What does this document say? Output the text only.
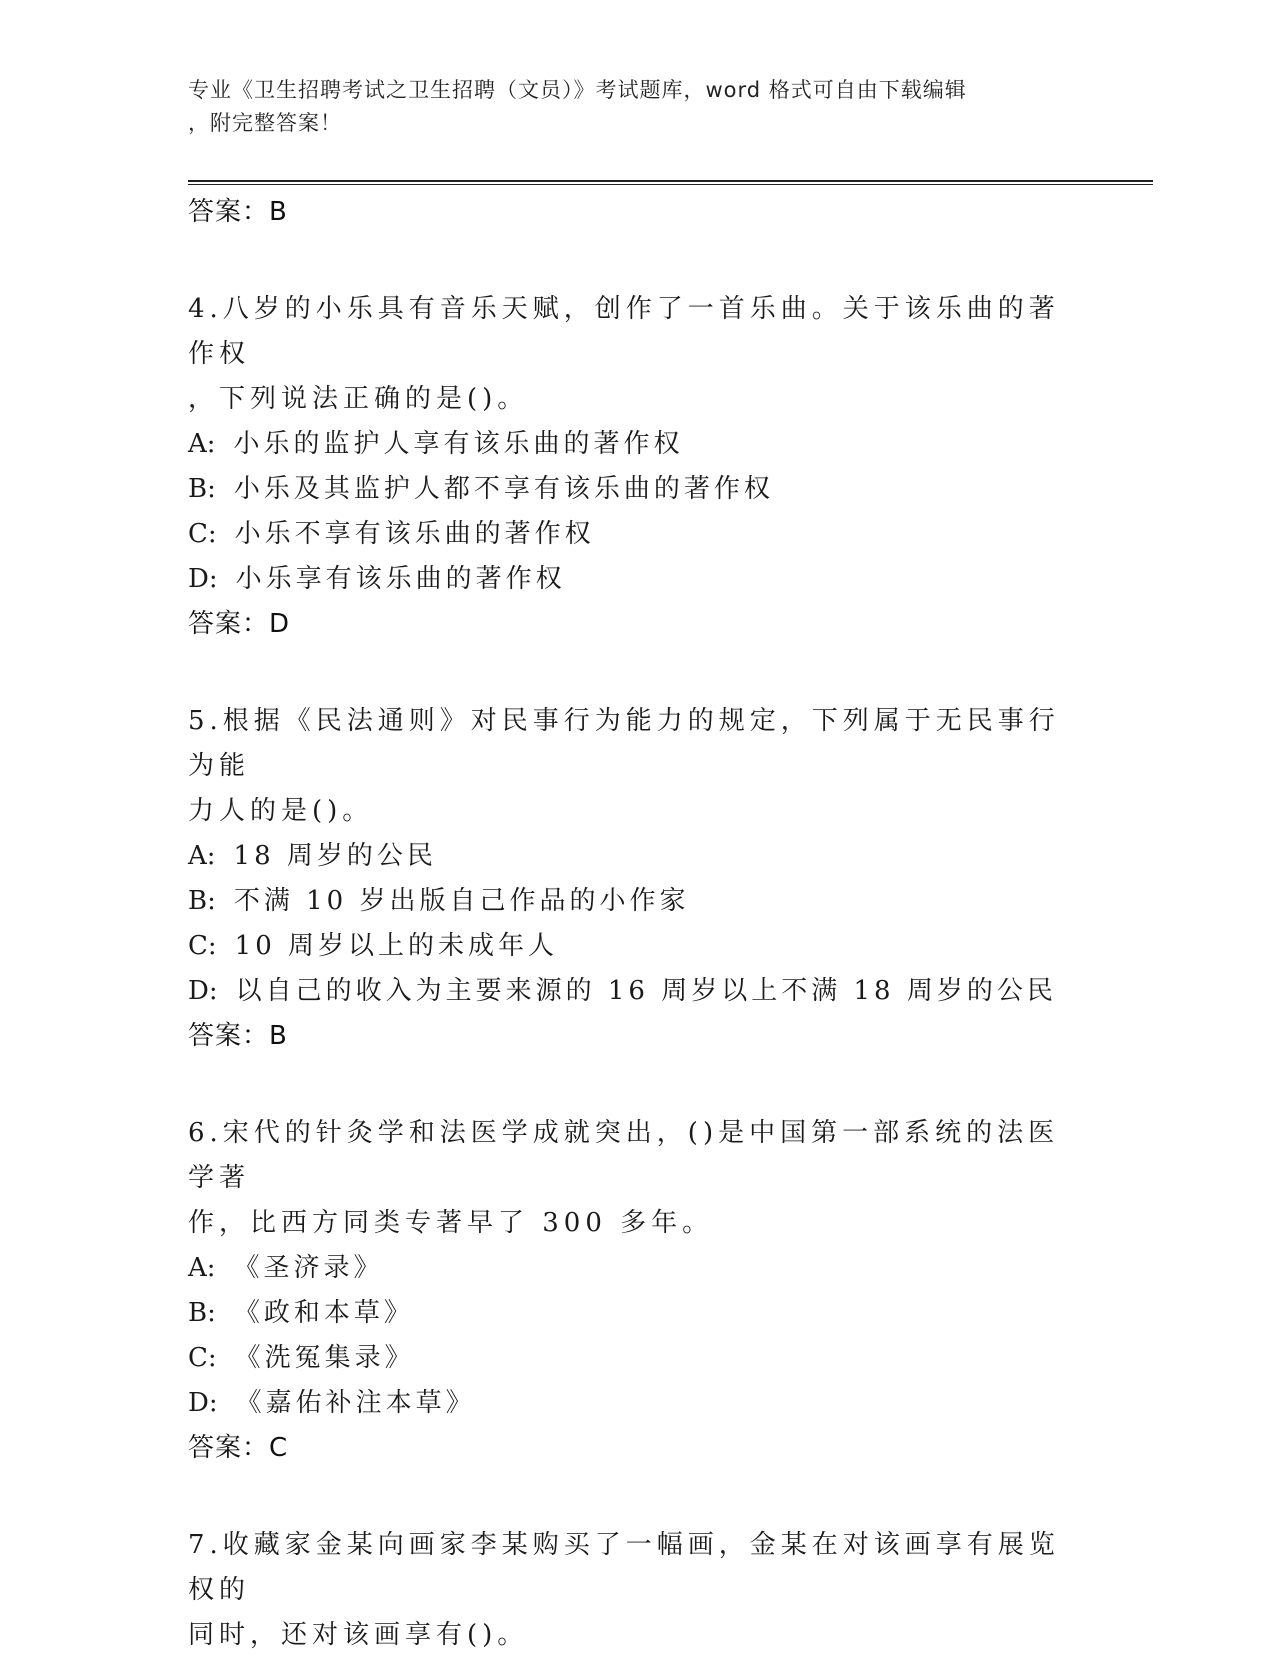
专业《卫生招聘考试之卫生招聘（文员）》考试题库，word 格式可自由下载编辑
，附完整答案！
答案：B
4.八岁的小乐具有音乐天赋，创作了一首乐曲。关于该乐曲的著作权
，下列说法正确的是()。
A: 小乐的监护人享有该乐曲的著作权
B: 小乐及其监护人都不享有该乐曲的著作权
C: 小乐不享有该乐曲的著作权
D: 小乐享有该乐曲的著作权
答案：D
5.根据《民法通则》对民事行为能力的规定，下列属于无民事行为能
力人的是()。
A: 18 周岁的公民
B: 不满 10 岁出版自己作品的小作家
C: 10 周岁以上的未成年人
D: 以自己的收入为主要来源的 16 周岁以上不满 18 周岁的公民
答案：B
6.宋代的针灸学和法医学成就突出，()是中国第一部系统的法医学著
作，比西方同类专著早了 300 多年。
A: 《圣济录》
B: 《政和本草》
C: 《洗冤集录》
D: 《嘉佑补注本草》
答案：C
7.收藏家金某向画家李某购买了一幅画，金某在对该画享有展览权的
同时，还对该画享有()。
